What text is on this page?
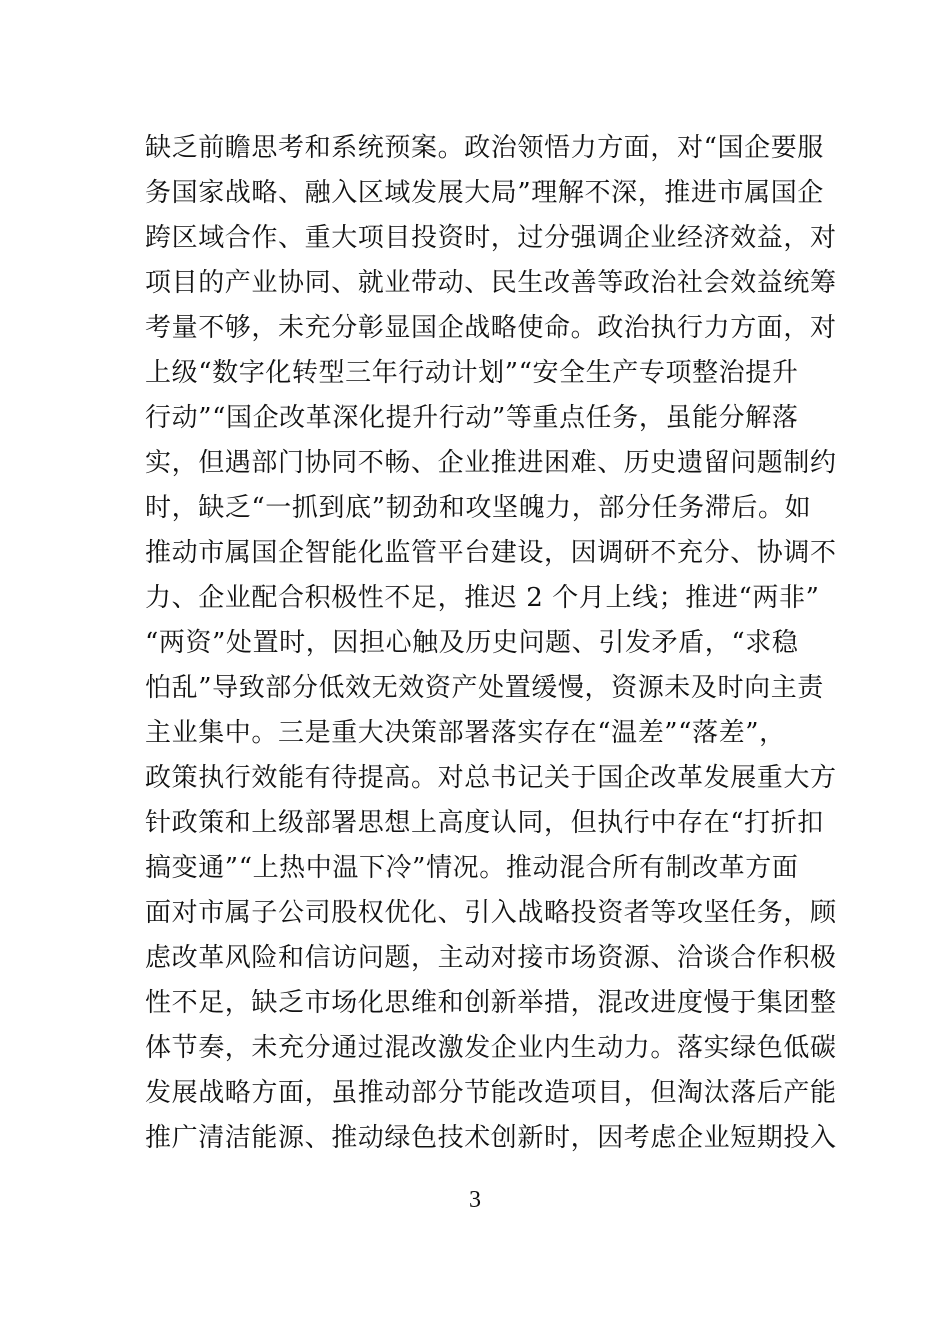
缺乏前瞻思考和系统预案。政治领悟力方面，对“国企要服
务国家战略、融入区域发展大局”理解不深，推进市属国企
跨区域合作、重大项目投资时，过分强调企业经济效益，对
项目的产业协同、就业带动、民生改善等政治社会效益统筹
考量不够，未充分彰显国企战略使命。政治执行力方面，对
上级“数字化转型三年行动计划”“安全生产专项整治提升
行动”“国企改革深化提升行动”等重点任务，虽能分解落
实，但遇部门协同不畅、企业推进困难、历史遗留问题制约
时，缺乏“一抓到底”韧劲和攻坚魄力，部分任务滞后。如
推动市属国企智能化监管平台建设，因调研不充分、协调不
力、企业配合积极性不足，推迟 2 个月上线；推进“两非”
“两资”处置时，因担心触及历史问题、引发矛盾，“求稳
怕乱”导致部分低效无效资产处置缓慢，资源未及时向主责
主业集中。三是重大决策部署落实存在“温差”“落差”，
政策执行效能有待提高。对总书记关于国企改革发展重大方
针政策和上级部署思想上高度认同，但执行中存在“打折扣
搞变通”“上热中温下冷”情况。推动混合所有制改革方面
面对市属子公司股权优化、引入战略投资者等攻坚任务，顾
虑改革风险和信访问题，主动对接市场资源、洽谈合作积极
性不足，缺乏市场化思维和创新举措，混改进度慢于集团整
体节奏，未充分通过混改激发企业内生动力。落实绿色低碳
发展战略方面，虽推动部分节能改造项目，但淘汰落后产能
推广清洁能源、推动绿色技术创新时，因考虑企业短期投入
3
